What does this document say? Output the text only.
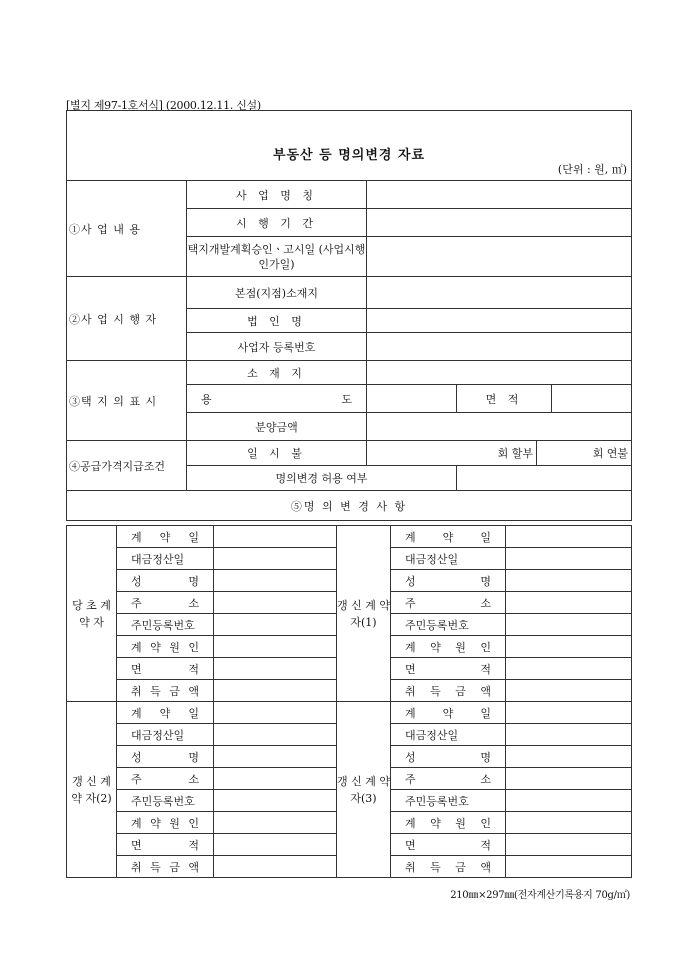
[별지 제97-1호서식] (2000.12.11. 신설)
부동산 등 명의변경 자료
(단위 : 원, ㎡)					

①사 업 내 용	사 업 명 칭				
	시 행 기 간				
	택지개발계획승인ㆍ고시일 (사업시행인가일)				
②사 업 시 행 자	본점(지점)소재지				
	법 인 명				
	사업자 등록번호				
③택 지 의 표 시	소 재 지				
	용 도		면 적		
	분양금액				
④공급가격지급조건	일 시 불	회 할부		회 연불	
	명의변경 허용 여부				
⑤명 의 변 경 사 항					
당 초 계 약 자	계 약 일		갱 신 계 약 자(1)	계 약 일	
	대금정산일			대금정산일	
	성 명			성 명	
	주 소			주 소	
	주민등록번호			주민등록번호	
	계 약 원 인			계 약 원 인	
	면 적			면 적	
	취 득 금 액			취 득 금 액	
갱 신 계 약 자(2)	계 약 일		갱 신 계 약 자(3)	계 약 일	
	대금정산일			대금정산일	
	성 명			성 명	
	주 소			주 소	
	주민등록번호			주민등록번호	
	계 약 원 인			계 약 원 인	
	면 적			면 적	
	취 득 금 액			취 득 금 액	
210㎜×297㎜(전자계산기록용지 70g/㎡)
